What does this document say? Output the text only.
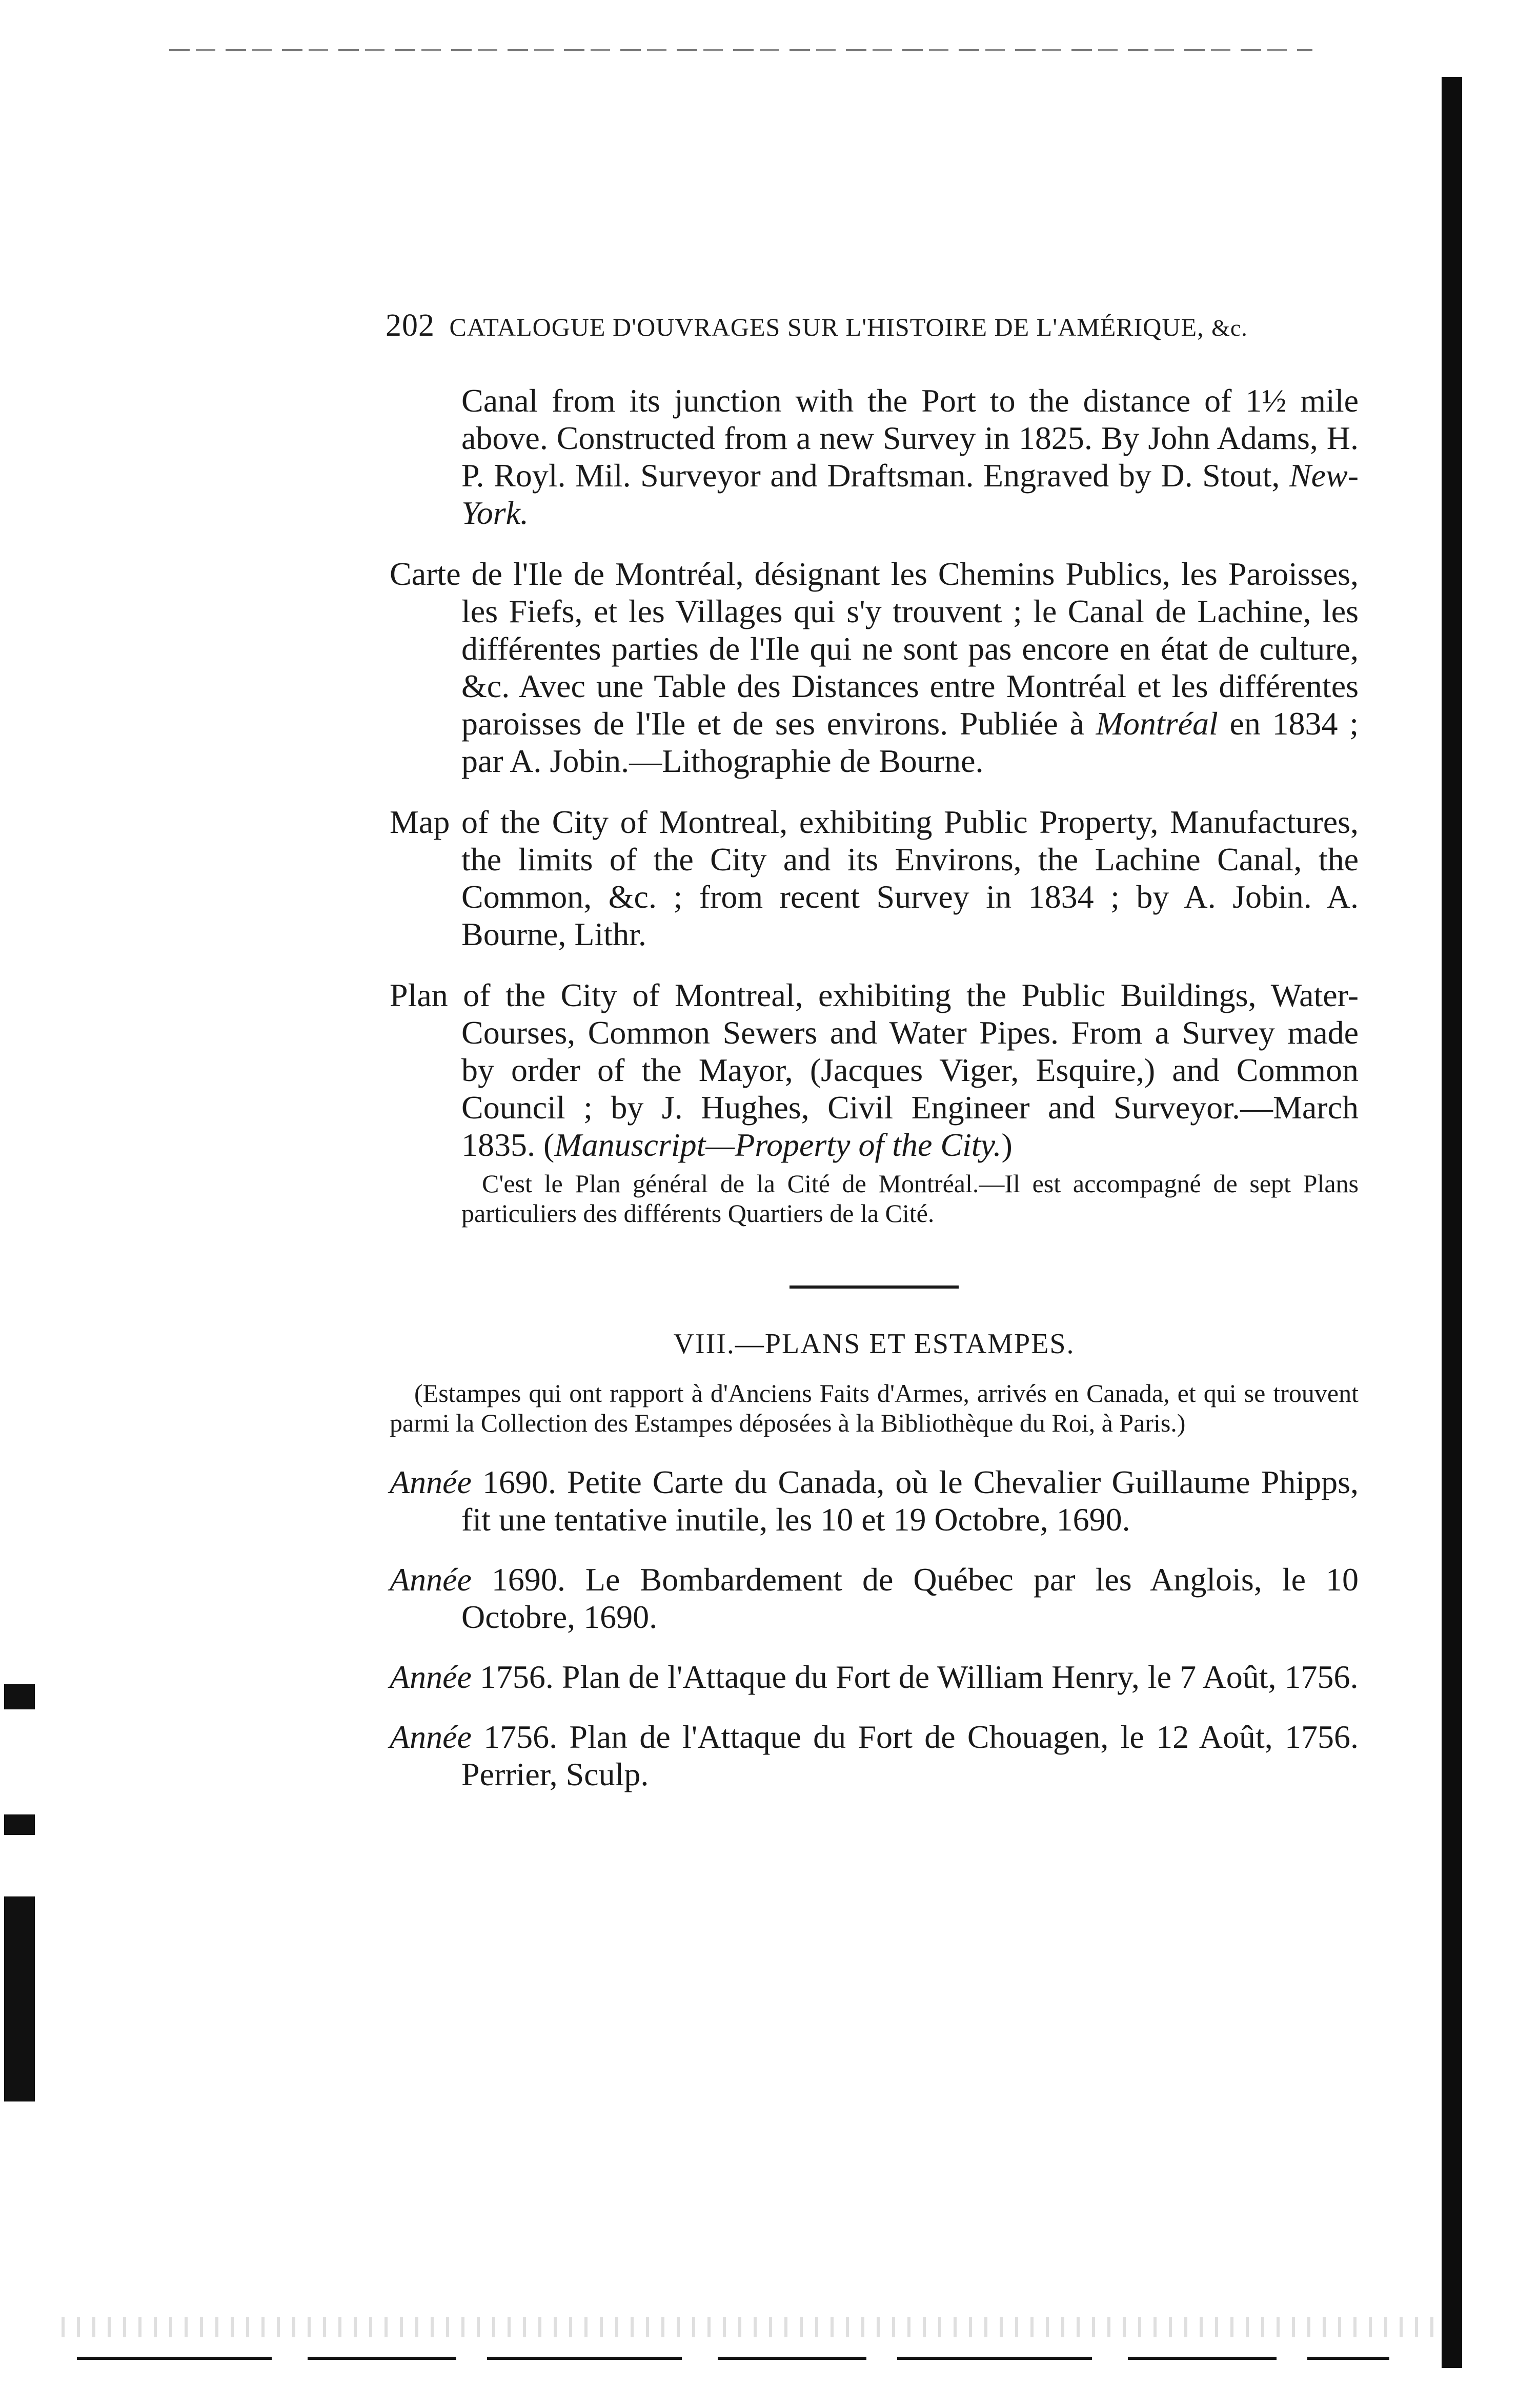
202 CATALOGUE D'OUVRAGES SUR L'HISTOIRE DE L'AMÉRIQUE, &c.

Canal from its junction with the Port to the distance of 1½ mile above. Constructed from a new Survey in 1825. By John Adams, H. P. Royl. Mil. Surveyor and Draftsman. Engraved by D. Stout, New-York.

Carte de l'Ile de Montréal, désignant les Chemins Publics, les Paroisses, les Fiefs, et les Villages qui s'y trouvent ; le Canal de Lachine, les différentes parties de l'Ile qui ne sont pas encore en état de culture, &c. Avec une Table des Distances entre Montréal et les différentes paroisses de l'Ile et de ses environs. Publiée à Montréal en 1834 ; par A. Jobin.—Lithographie de Bourne.

Map of the City of Montreal, exhibiting Public Property, Manufactures, the limits of the City and its Environs, the Lachine Canal, the Common, &c. ; from recent Survey in 1834 ; by A. Jobin. A. Bourne, Lithr.

Plan of the City of Montreal, exhibiting the Public Buildings, Water-Courses, Common Sewers and Water Pipes. From a Survey made by order of the Mayor, (Jacques Viger, Esquire,) and Common Council ; by J. Hughes, Civil Engineer and Surveyor.—March 1835. (Manuscript—Property of the City.)

C'est le Plan général de la Cité de Montréal.—Il est accompagné de sept Plans particuliers des différents Quartiers de la Cité.

VIII.—PLANS ET ESTAMPES.

(Estampes qui ont rapport à d'Anciens Faits d'Armes, arrivés en Canada, et qui se trouvent parmi la Collection des Estampes déposées à la Bibliothèque du Roi, à Paris.)

Année 1690. Petite Carte du Canada, où le Chevalier Guillaume Phipps, fit une tentative inutile, les 10 et 19 Octobre, 1690.

Année 1690. Le Bombardement de Québec par les Anglois, le 10 Octobre, 1690.

Année 1756. Plan de l'Attaque du Fort de William Henry, le 7 Août, 1756.

Année 1756. Plan de l'Attaque du Fort de Chouagen, le 12 Août, 1756. Perrier, Sculp.
